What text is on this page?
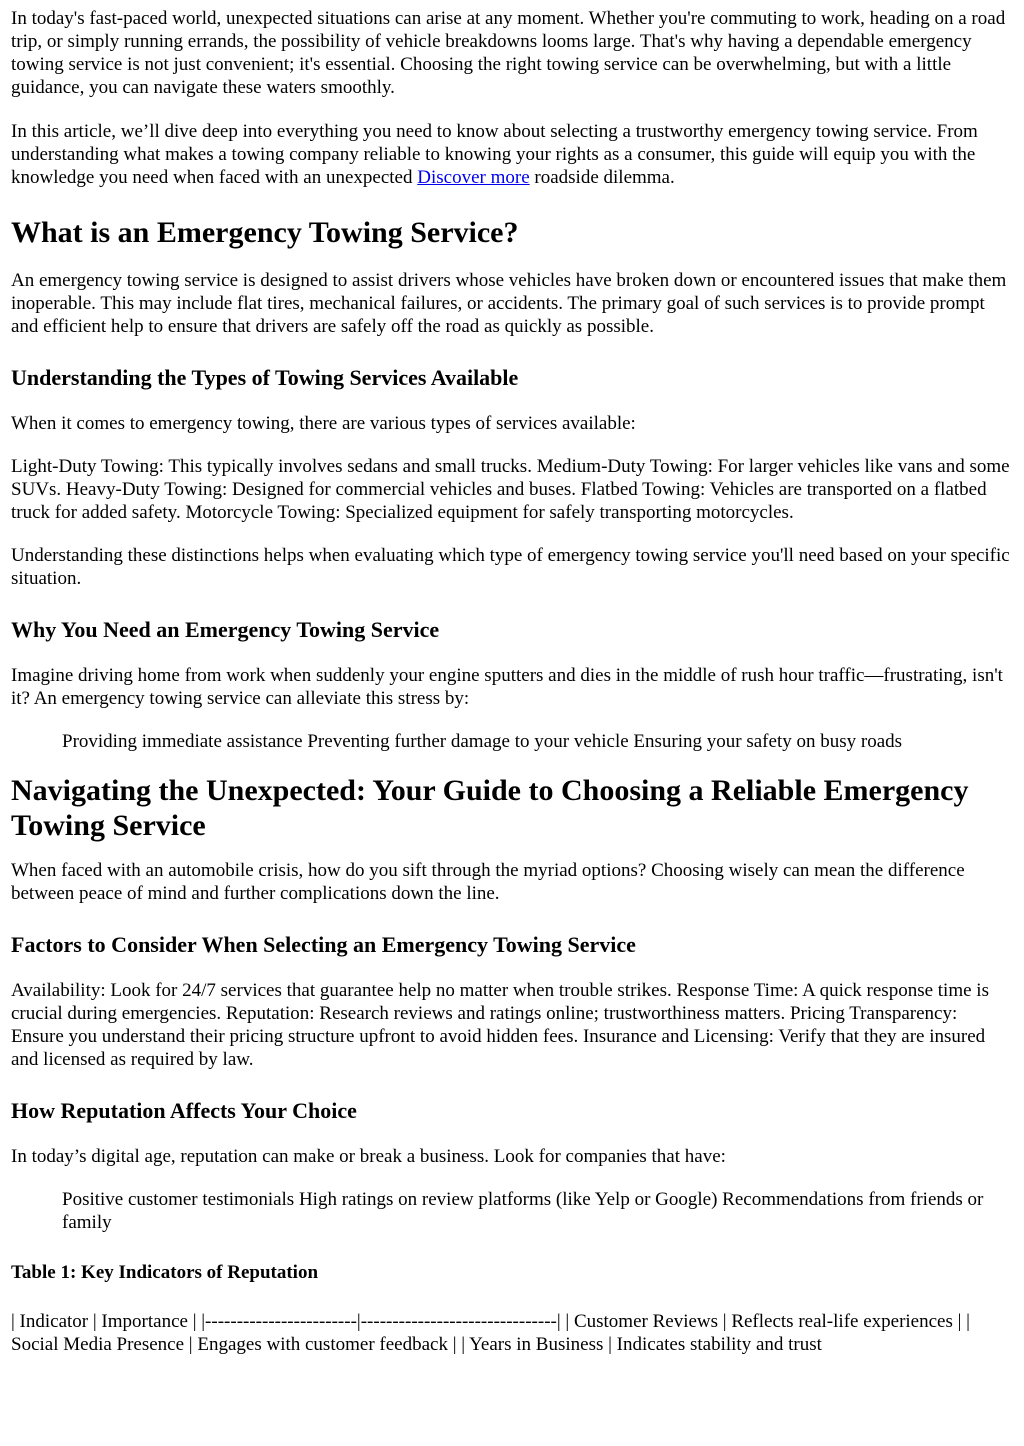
In today's fast-paced world, unexpected situations can arise at any moment. Whether you're commuting to work, heading on a road trip, or simply running errands, the possibility of vehicle breakdowns looms large. That's why having a dependable emergency towing service is not just convenient; it's essential. Choosing the right towing service can be overwhelming, but with a little guidance, you can navigate these waters smoothly.

In this article, we’ll dive deep into everything you need to know about selecting a trustworthy emergency towing service. From understanding what makes a towing company reliable to knowing your rights as a consumer, this guide will equip you with the knowledge you need when faced with an unexpected Discover more roadside dilemma.

What is an Emergency Towing Service?

An emergency towing service is designed to assist drivers whose vehicles have broken down or encountered issues that make them inoperable. This may include flat tires, mechanical failures, or accidents. The primary goal of such services is to provide prompt and efficient help to ensure that drivers are safely off the road as quickly as possible.

Understanding the Types of Towing Services Available

When it comes to emergency towing, there are various types of services available:

Light-Duty Towing: This typically involves sedans and small trucks. Medium-Duty Towing: For larger vehicles like vans and some SUVs. Heavy-Duty Towing: Designed for commercial vehicles and buses. Flatbed Towing: Vehicles are transported on a flatbed truck for added safety. Motorcycle Towing: Specialized equipment for safely transporting motorcycles.

Understanding these distinctions helps when evaluating which type of emergency towing service you'll need based on your specific situation.

Why You Need an Emergency Towing Service

Imagine driving home from work when suddenly your engine sputters and dies in the middle of rush hour traffic—frustrating, isn't it? An emergency towing service can alleviate this stress by:

Providing immediate assistance Preventing further damage to your vehicle Ensuring your safety on busy roads

Navigating the Unexpected: Your Guide to Choosing a Reliable Emergency Towing Service

When faced with an automobile crisis, how do you sift through the myriad options? Choosing wisely can mean the difference between peace of mind and further complications down the line.

Factors to Consider When Selecting an Emergency Towing Service

Availability: Look for 24/7 services that guarantee help no matter when trouble strikes. Response Time: A quick response time is crucial during emergencies. Reputation: Research reviews and ratings online; trustworthiness matters. Pricing Transparency: Ensure you understand their pricing structure upfront to avoid hidden fees. Insurance and Licensing: Verify that they are insured and licensed as required by law.

How Reputation Affects Your Choice

In today’s digital age, reputation can make or break a business. Look for companies that have:

Positive customer testimonials High ratings on review platforms (like Yelp or Google) Recommendations from friends or family

Table 1: Key Indicators of Reputation

| Indicator | Importance | |------------------------|-------------------------------| | Customer Reviews | Reflects real-life experiences | | Social Media Presence | Engages with customer feedback | | Years in Business | Indicates stability and trust
